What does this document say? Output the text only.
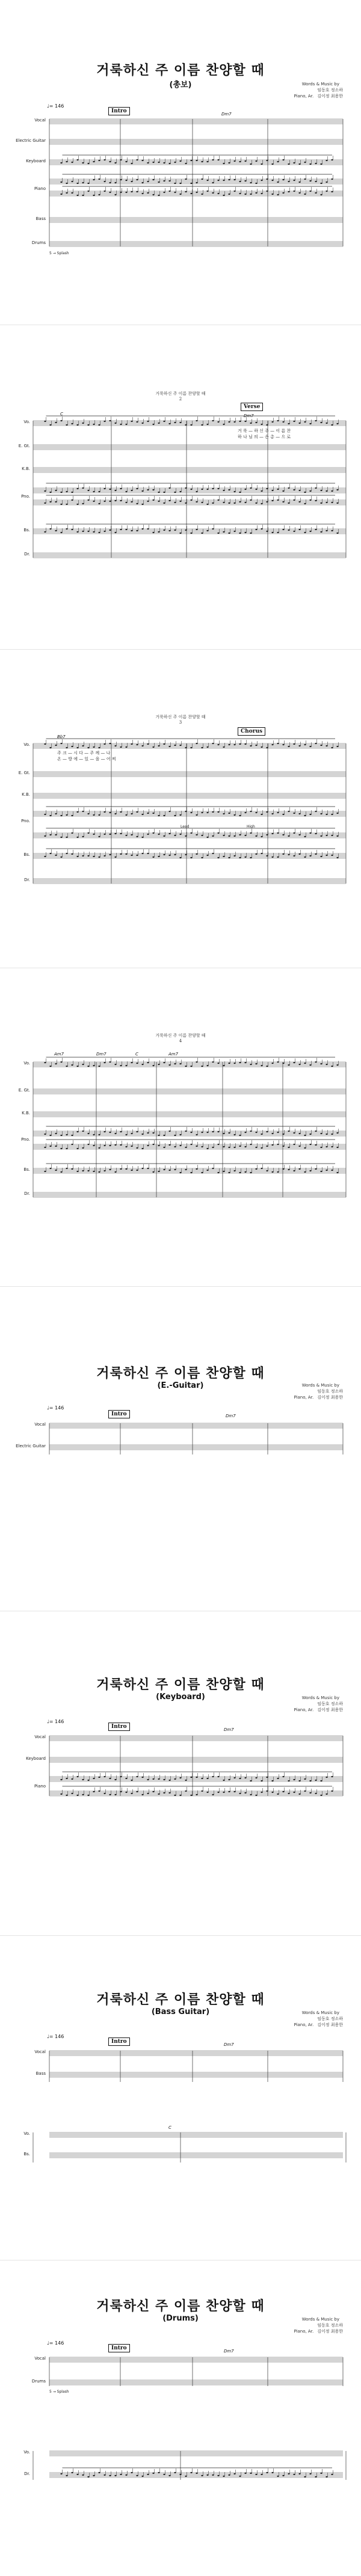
거룩하신 주 이름 찬양할 때
(총보)	Words & Music by
임동호 정소하
Piano, Ar. 김이정 최용한
♩= 146
Intro	Dm7
Vocal
Electric Guitar
Keyboard
Piano
Bass
Drums
5 → Splash
거룩하신 주 이름 찬양할 때
2
Verse
C	Dm7
거 룩 — 하 신 주 — 이 름 찬
하 나 님 의 — 은 총 — 으 로
Vo.
E. Gt.
K.B.
Pno.
Bs.
Dr.
거룩하신 주 이름 찬양할 때
3
Chorus
Bb7
주 크 — 시 다 — 주 께 — 나
온 — 방 에 — 있 — 을 — 어 찌
Lead	High
Vo.
E. Gt.
K.B.
Pno.
Bs.
Dr.
거룩하신 주 이름 찬양할 때
4
Am7	Dm7	C	Am7
Vo.
E. Gt.
K.B.
Pno.
Bs.
Dr.
거룩하신 주 이름 찬양할 때
(E.-Guitar)	Words & Music by
임동호 정소하
Piano, Ar. 김이정 최용한
♩= 146
Intro	Dm7
Vocal
Electric Guitar
거룩하신 주 이름 찬양할 때
(Keyboard)	Words & Music by
임동호 정소하
Piano, Ar. 김이정 최용한
♩= 146
Intro	Dm7
Vocal
Keyboard
Piano
거룩하신 주 이름 찬양할 때
(Bass Guitar)	Words & Music by
임동호 정소하
Piano, Ar. 김이정 최용한
♩= 146
Intro	Dm7
C
Vocal
Bass
Vo.
Bs.
거룩하신 주 이름 찬양할 때
(Drums)	Words & Music by
임동호 정소하
Piano, Ar. 김이정 최용한
♩= 146
Intro	Dm7
5 → Splash
Vocal
Drums
Vo.
Dr.
